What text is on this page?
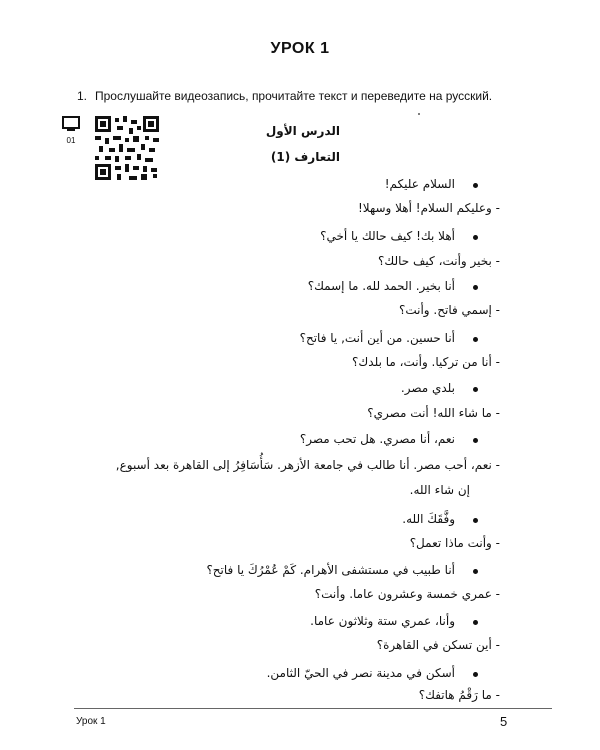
УРОК 1
1. Прослушайте видеозапись, прочитайте текст и переведите на русский.
01
الدرس الأول
التعارف (1)
السلام عليكم!
- وعليكم السلام! أهلا وسهلا!
أهلا بك! كيف حالك يا أخي؟
- بخير وأنت، كيف حالك؟
أنا بخير. الحمد لله. ما إسمك؟
- إسمي فاتح. وأنت؟
أنا حسين. من أين أنت, يا فاتح؟
- أنا من تركيا. وأنت، ما بلدك؟
بلدي مصر.
- ما شاء الله! أنت مصري؟
نعم، أنا مصري. هل تحب مصر؟
- نعم، أحب مصر. أنا طالب في جامعة الأزهر. سَأُسَافِرُ إلى القاهرة بعد أسبوع,
إن شاء الله.
وفَّقَكَ الله.
- وأنت ماذا تعمل؟
أنا طبيب في مستشفى الأهرام. كَمْ عُمْرُكَ يا فاتح؟
- عمري خمسة وعشرون عاما. وأنت؟
وأنا، عمري ستة وثلاثون عاما.
- أين تسكن في القاهرة؟
أسكن في مدينة نصر في الحيّ الثامن.
- ما رَقْمُ هاتفك؟
Урок 1	5
